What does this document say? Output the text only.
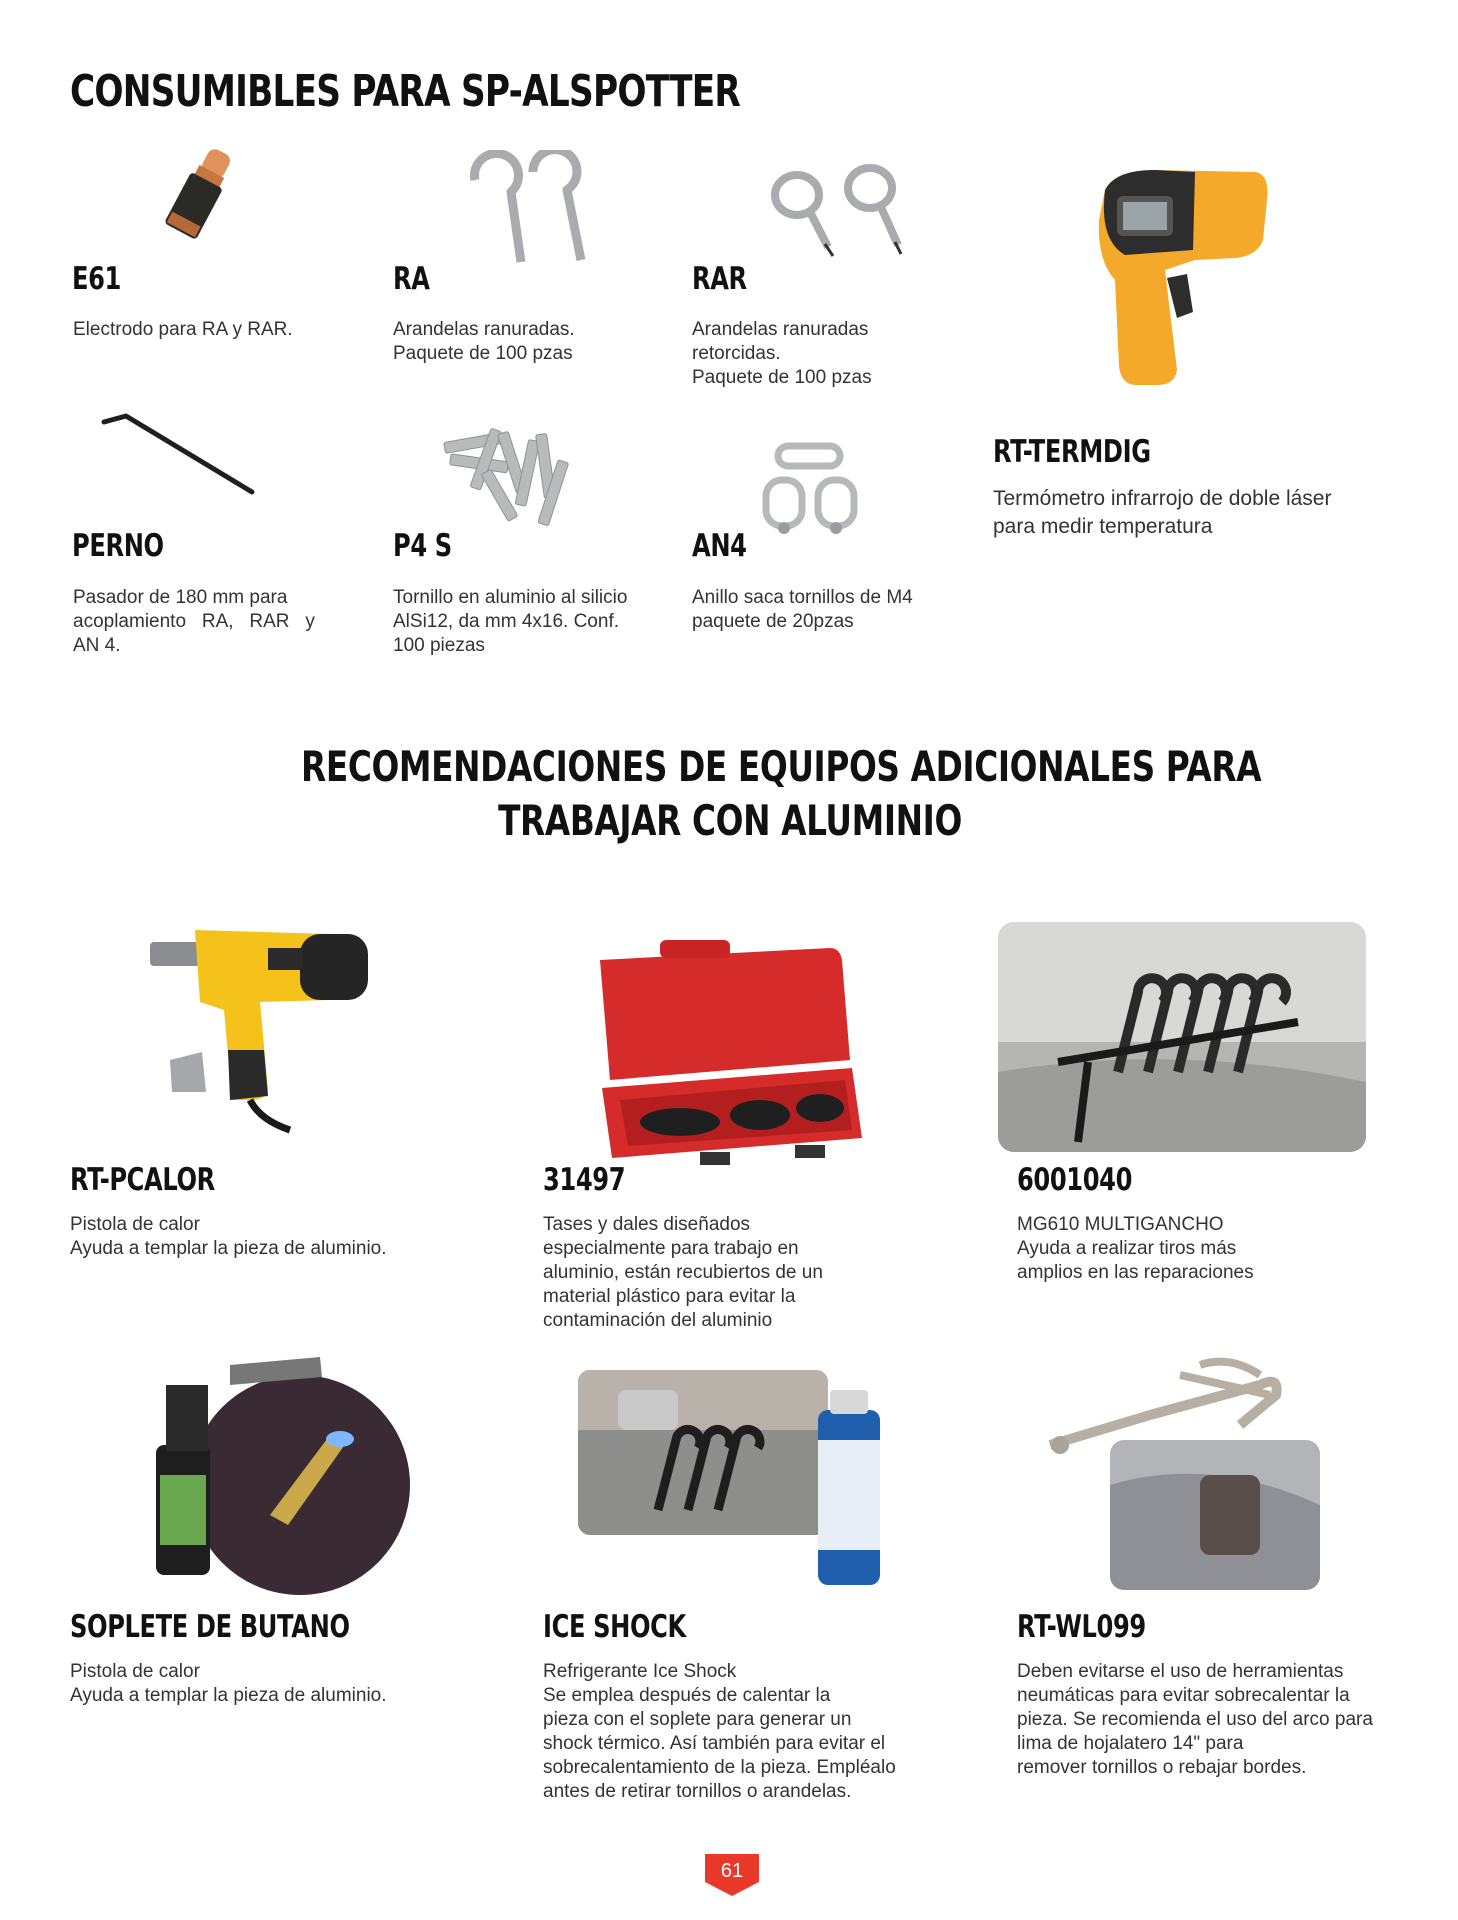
CONSUMIBLES PARA SP-ALSPOTTER
E61
Electrodo para RA y RAR.
RA
Arandelas ranuradas.
Paquete de 100 pzas
RAR
Arandelas ranuradas
retorcidas.
Paquete de 100 pzas
RT-TERMDIG
Termómetro infrarrojo de doble láser
para medir temperatura
PERNO
Pasador de 180 mm para
acoplamiento   RA,   RAR   y
AN 4.
P4 S
Tornillo en aluminio al silicio
AlSi12, da mm 4x16. Conf.
100 piezas
AN4
Anillo saca tornillos de M4
paquete de 20pzas
RECOMENDACIONES DE EQUIPOS ADICIONALES PARA
TRABAJAR CON ALUMINIO
RT-PCALOR
Pistola de calor
Ayuda a templar la pieza de aluminio.
31497
Tases y dales diseñados
especialmente para trabajo en
aluminio, están recubiertos de un
material plástico para evitar la
contaminación del aluminio
6001040
MG610 MULTIGANCHO
Ayuda a realizar tiros más
amplios en las reparaciones
SOPLETE DE BUTANO
Pistola de calor
Ayuda a templar la pieza de aluminio.
ICE SHOCK
Refrigerante Ice Shock
Se emplea después de calentar la
pieza con el soplete para generar un
shock térmico. Así también para evitar el
sobrecalentamiento de la pieza. Empléalo
antes de retirar tornillos o arandelas.
RT-WL099
Deben evitarse el uso de herramientas
neumáticas para evitar sobrecalentar la
pieza. Se recomienda el uso del arco para
lima de hojalatero 14" para
remover tornillos o rebajar bordes.
61
